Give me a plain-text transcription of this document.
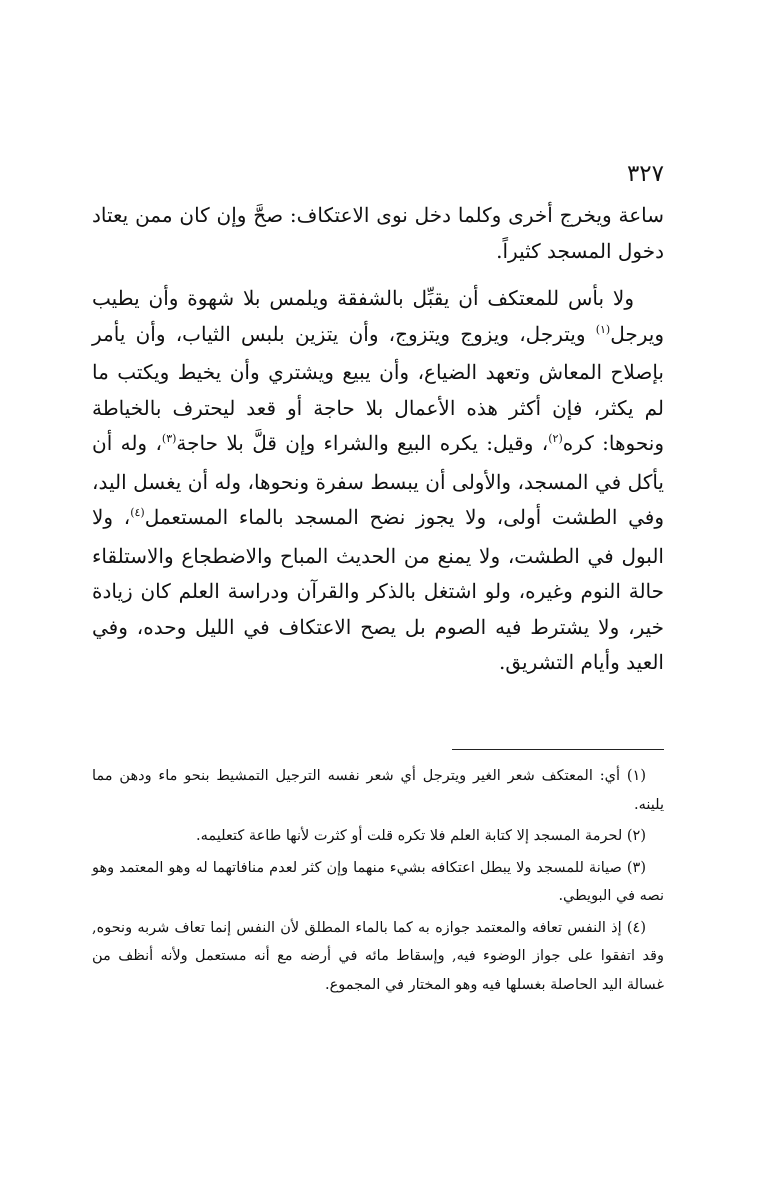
٣٢٧

ساعة ويخرج أخرى وكلما دخل نوى الاعتكاف: صحَّ وإن كان ممن يعتاد دخول المسجد كثيراً.

ولا بأس للمعتكف أن يقبِّل بالشفقة ويلمس بلا شهوة وأن يطيب ويرجل$^{(١)}$ ويترجل، ويزوج ويتزوج، وأن يتزين بلبس الثياب، وأن يأمر بإصلاح المعاش وتعهد الضياع، وأن يبيع ويشتري وأن يخيط ويكتب ما لم يكثر، فإن أكثر هذه الأعمال بلا حاجة أو قعد ليحترف بالخياطة ونحوها: كره$^{(٢)}$، وقيل: يكره البيع والشراء وإن قلَّ بلا حاجة$^{(٣)}$، وله أن يأكل في المسجد، والأولى أن يبسط سفرة ونحوها، وله أن يغسل اليد، وفي الطشت أولى، ولا يجوز نضح المسجد بالماء المستعمل$^{(٤)}$، ولا البول في الطشت، ولا يمنع من الحديث المباح والاضطجاع والاستلقاء حالة النوم وغيره، ولو اشتغل بالذكر والقرآن ودراسة العلم كان زيادة خير، ولا يشترط فيه الصوم بل يصح الاعتكاف في الليل وحده، وفي العيد وأيام التشريق.

(١) أي: المعتكف شعر الغير ويترجل أي شعر نفسه الترجيل التمشيط بنحو ماء ودهن مما يلينه.

(٢) لحرمة المسجد إلا كتابة العلم فلا تكره قلت أو كثرت لأنها طاعة كتعليمه.

(٣) صيانة للمسجد ولا يبطل اعتكافه بشيء منهما وإن كثر لعدم منافاتهما له وهو المعتمد وهو نصه في البويطي.

(٤) إذ النفس تعافه والمعتمد جوازه به كما بالماء المطلق لأن النفس إنما تعاف شربه ونحوه, وقد اتفقوا على جواز الوضوء فيه, وإسقاط مائه في أرضه مع أنه مستعمل ولأنه أنظف من غسالة اليد الحاصلة بغسلها فيه وهو المختار في المجموع.
